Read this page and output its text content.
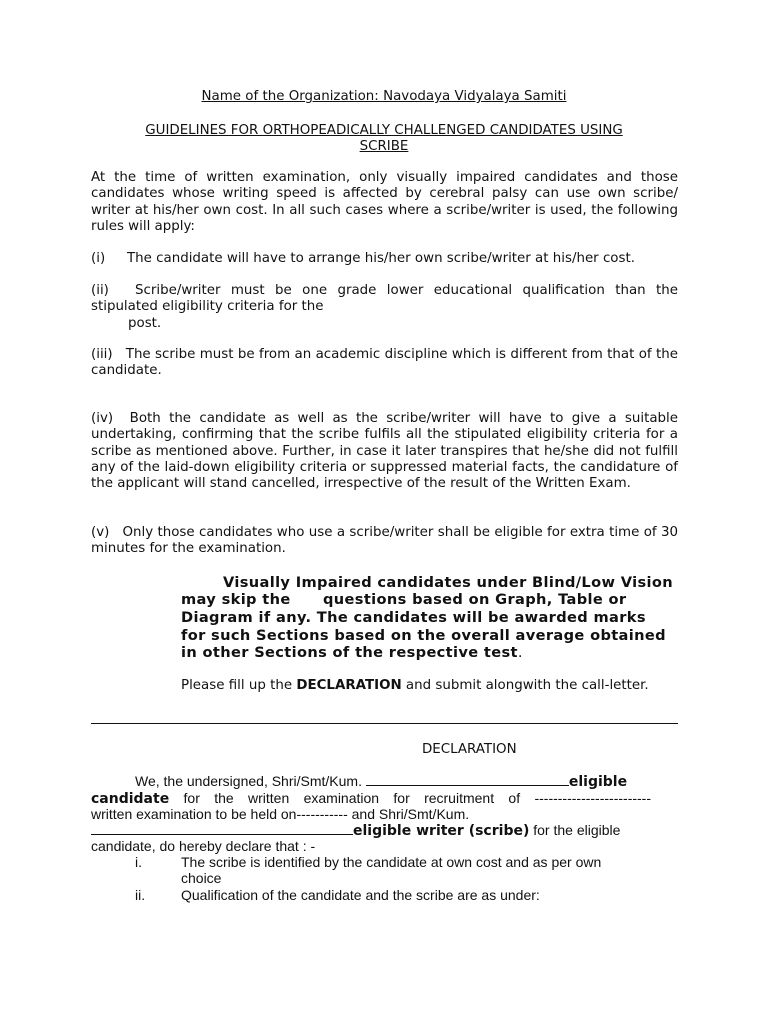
Name of the Organization: Navodaya Vidyalaya Samiti
GUIDELINES FOR ORTHOPEADICALLY CHALLENGED CANDIDATES USING
SCRIBE
At the time of written examination, only visually impaired candidates and those candidates whose writing speed is affected by cerebral palsy can use own scribe/ writer at his/her own cost. In all such cases where a scribe/writer is used, the following rules will apply:
(i) The candidate will have to arrange his/her own scribe/writer at his/her cost.
(ii) Scribe/writer must be one grade lower educational qualification than the
stipulated eligibility criteria for the
post.
(iii) The scribe must be from an academic discipline which is different from that of the candidate.
(iv) Both the candidate as well as the scribe/writer will have to give a suitable undertaking, confirming that the scribe fulfils all the stipulated eligibility criteria for a scribe as mentioned above. Further, in case it later transpires that he/she did not fulfill any of the laid-down eligibility criteria or suppressed material facts, the candidature of the applicant will stand cancelled, irrespective of the result of the Written Exam.
(v) Only those candidates who use a scribe/writer shall be eligible for extra time of 30 minutes for the examination.
Visually Impaired candidates under Blind/Low Vision
may skip the questions based on Graph, Table or
Diagram if any. The candidates will be awarded marks
for such Sections based on the overall average obtained
in other Sections of the respective test.
Please fill up the DECLARATION and submit alongwith the call-letter.
DECLARATION
We, the undersigned, Shri/Smt/Kum.	eligible
candidate for the written examination for recruitment of -------------------------
written examination to be held on----------- and Shri/Smt/Kum.
eligible writer (scribe) for the eligible
candidate, do hereby declare that : -
i.	The scribe is identified by the candidate at own cost and as per own
choice
ii.	Qualification of the candidate and the scribe are as under:
